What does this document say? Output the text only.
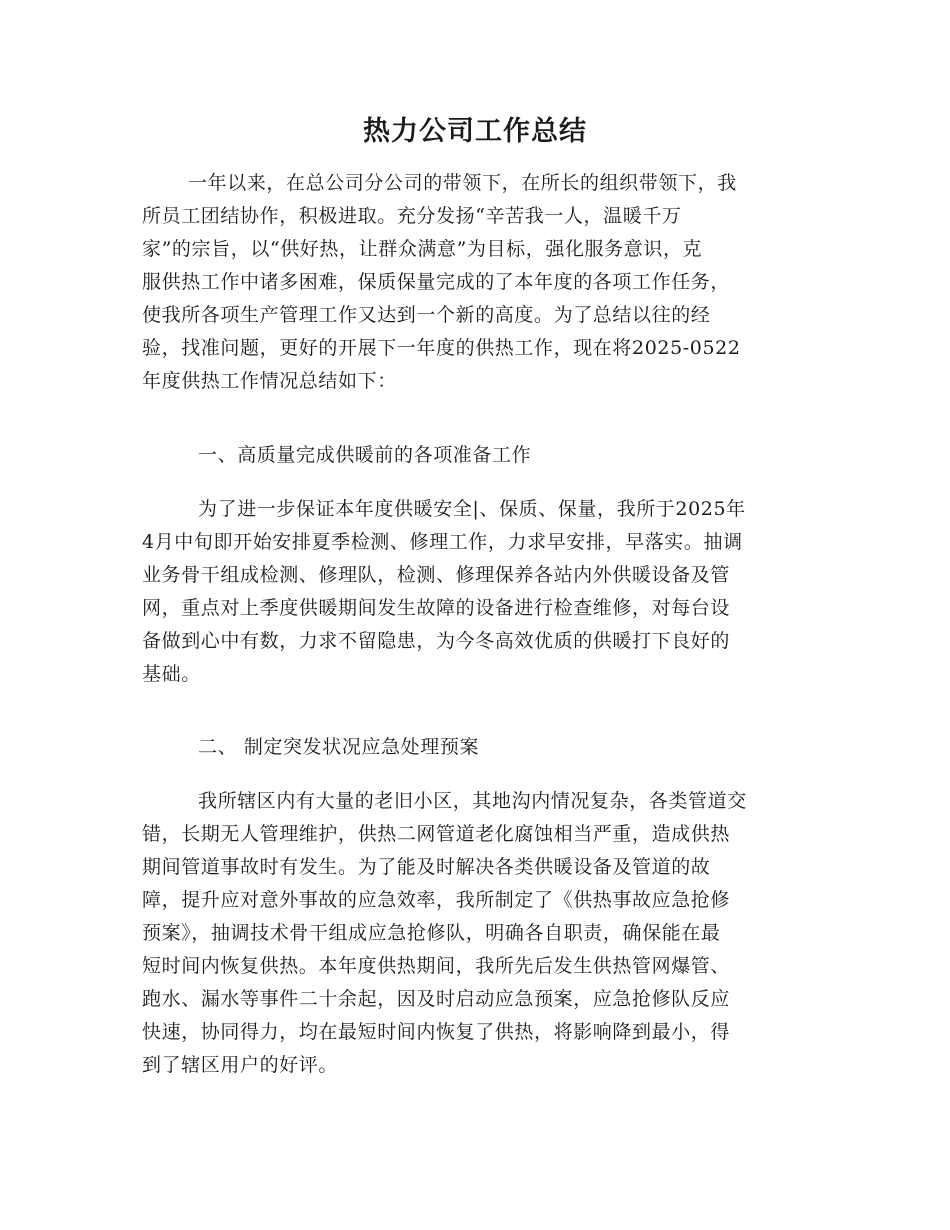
热力公司工作总结
一年以来，在总公司分公司的带领下，在所长的组织带领下，我
所员工团结协作，积极进取。充分发扬“辛苦我一人，温暖千万
家”的宗旨，以“供好热，让群众满意”为目标，强化服务意识，克
服供热工作中诸多困难，保质保量完成的了本年度的各项工作任务，
使我所各项生产管理工作又达到一个新的高度。为了总结以往的经
验，找准问题，更好的开展下一年度的供热工作，现在将2025-0522
年度供热工作情况总结如下：
一、高质量完成供暖前的各项准备工作
为了进一步保证本年度供暖安全|、保质、保量，我所于2025年
4月中旬即开始安排夏季检测、修理工作，力求早安排，早落实。抽调
业务骨干组成检测、修理队，检测、修理保养各站内外供暖设备及管
网，重点对上季度供暖期间发生故障的设备进行检查维修，对每台设
备做到心中有数，力求不留隐患，为今冬高效优质的供暖打下良好的
基础。
二、 制定突发状况应急处理预案
我所辖区内有大量的老旧小区，其地沟内情况复杂，各类管道交
错，长期无人管理维护，供热二网管道老化腐蚀相当严重，造成供热
期间管道事故时有发生。为了能及时解决各类供暖设备及管道的故
障，提升应对意外事故的应急效率，我所制定了《供热事故应急抢修
预案》，抽调技术骨干组成应急抢修队，明确各自职责，确保能在最
短时间内恢复供热。本年度供热期间，我所先后发生供热管网爆管、
跑水、漏水等事件二十余起，因及时启动应急预案，应急抢修队反应
快速，协同得力，均在最短时间内恢复了供热，将影响降到最小，得
到了辖区用户的好评。
